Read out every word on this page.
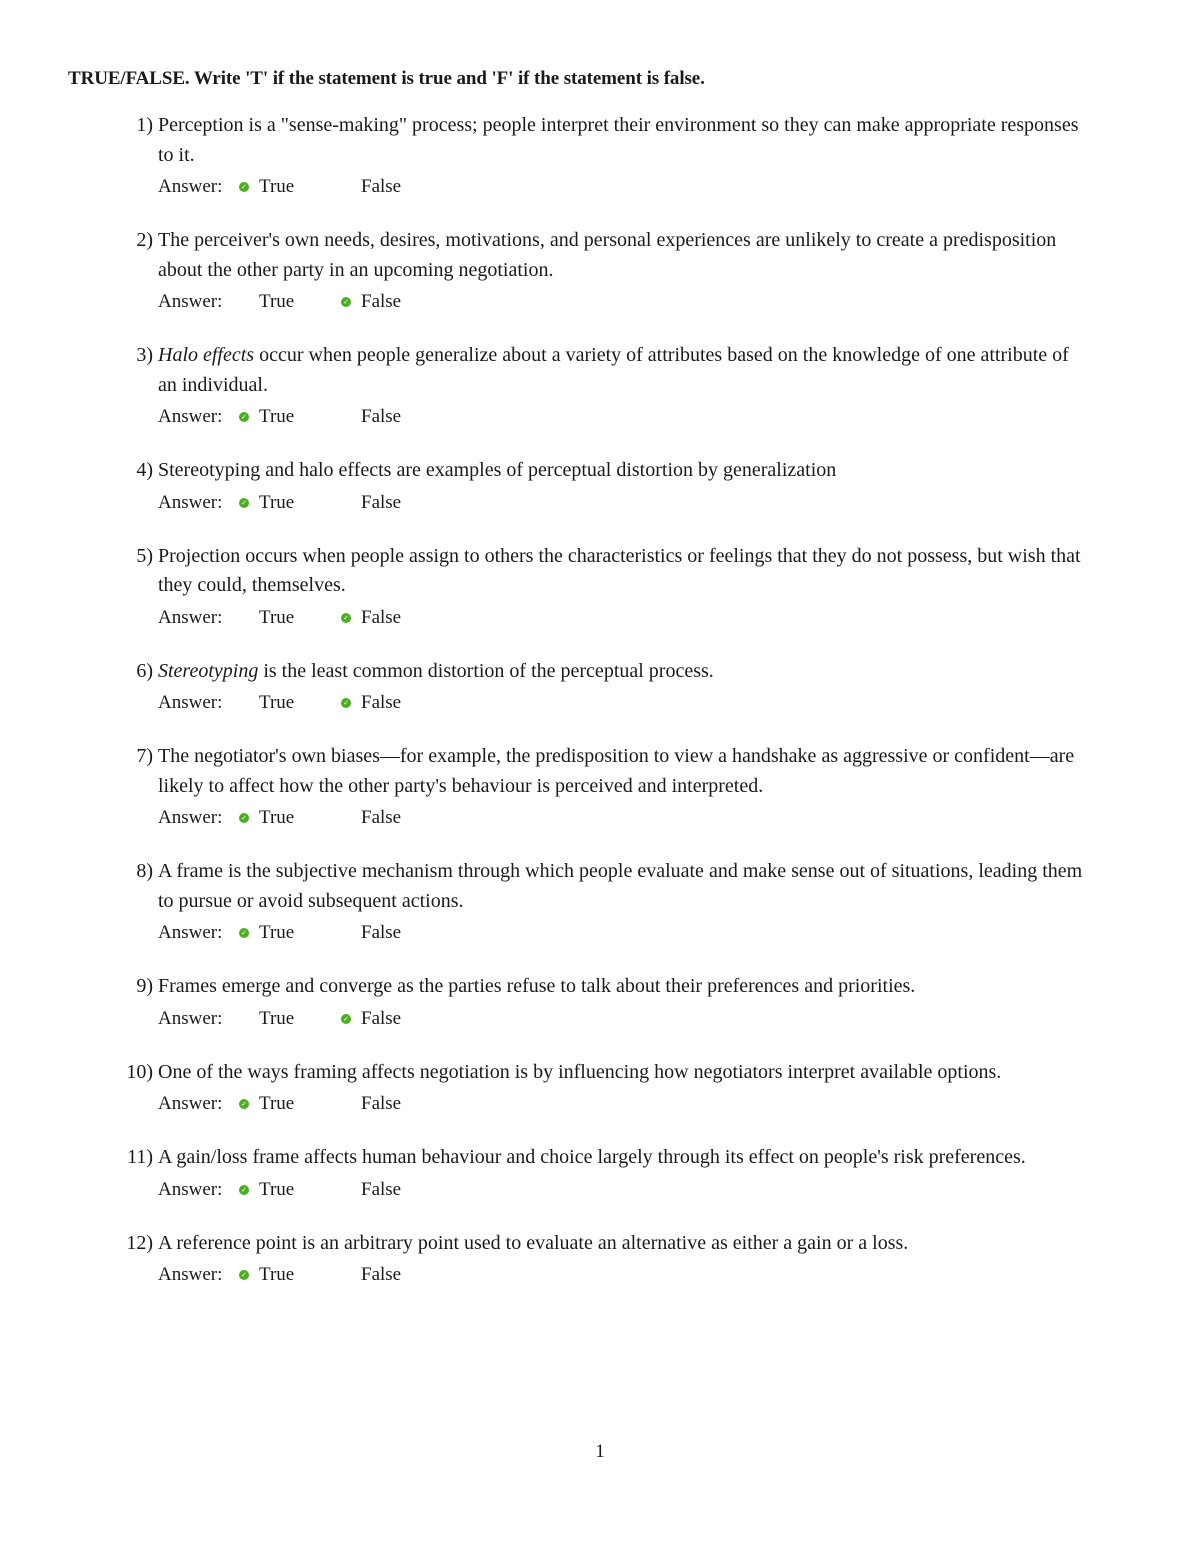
TRUE/FALSE. Write 'T' if the statement is true and 'F' if the statement is false.
1) Perception is a "sense-making" process; people interpret their environment so they can make appropriate responses to it.
Answer:	✓ True	False
2) The perceiver's own needs, desires, motivations, and personal experiences are unlikely to create a predisposition about the other party in an upcoming negotiation.
Answer:	✓
True	False
3) Halo effects occur when people generalize about a variety of attributes based on the knowledge of one attribute of an individual.
Answer:	✓ True	False
4) Stereotyping and halo effects are examples of perceptual distortion by generalization
Answer:	✓ True	False
5) Projection occurs when people assign to others the characteristics or feelings that they do not possess, but wish that they could, themselves.
Answer:	✓
True	False
6) Stereotyping is the least common distortion of the perceptual process.
Answer:	✓
True	False
7) The negotiator's own biases—for example, the predisposition to view a handshake as aggressive or confident—are likely to affect how the other party's behaviour is perceived and interpreted.
Answer:	✓ True	False
8) A frame is the subjective mechanism through which people evaluate and make sense out of situations, leading them to pursue or avoid subsequent actions.
Answer:	✓ True	False
9) Frames emerge and converge as the parties refuse to talk about their preferences and priorities.
Answer:	✓
True	False
10) One of the ways framing affects negotiation is by influencing how negotiators interpret available options.
Answer:	✓ True	False
11) A gain/loss frame affects human behaviour and choice largely through its effect on people's risk preferences.
Answer:	✓ True	False
12) A reference point is an arbitrary point used to evaluate an alternative as either a gain or a loss.
Answer:	✓ True	False
1
